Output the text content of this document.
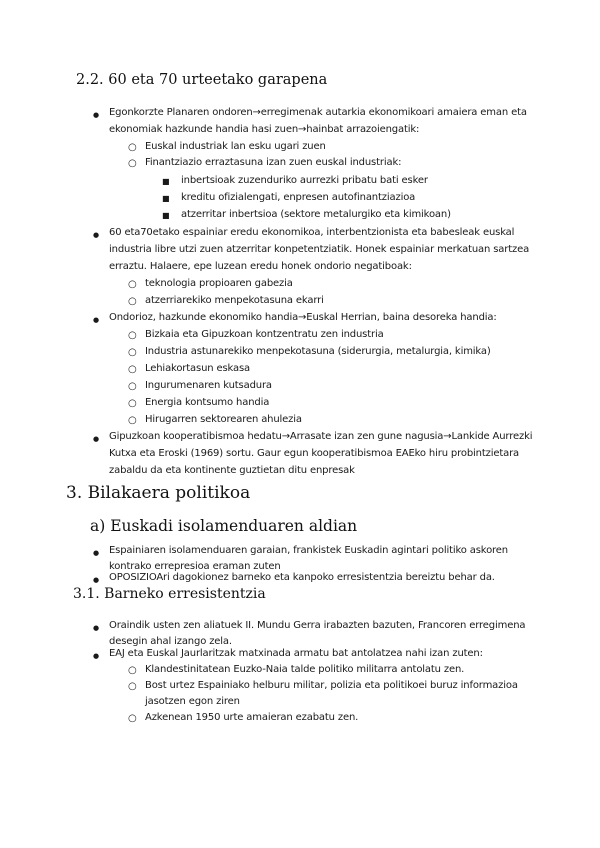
2.2. 60 eta 70 urteetako garapena
● Egonkorzte Planaren ondoren→erregimenak autarkia ekonomikoari amaiera eman eta
ekonomiak hazkunde handia hasi zuen→hainbat arrazoiengatik:
○ Euskal industriak lan esku ugari zuen
○ Finantziazio erraztasuna izan zuen euskal industriak:
■ inbertsioak zuzenduriko aurrezki pribatu bati esker
■ kreditu ofizialengati, enpresen autofinantziazioa
■ atzerritar inbertsioa (sektore metalurgiko eta kimikoan)
● 60 eta70etako espainiar eredu ekonomikoa, interbentzionista eta babesleak euskal
industria libre utzi zuen atzerritar konpetentziatik. Honek espainiar merkatuan sartzea
erraztu. Halaere, epe luzean eredu honek ondorio negatiboak:
○ teknologia propioaren gabezia
○ atzerriarekiko menpekotasuna ekarri
● Ondorioz, hazkunde ekonomiko handia→Euskal Herrian, baina desoreka handia:
○ Bizkaia eta Gipuzkoan kontzentratu zen industria
○ Industria astunarekiko menpekotasuna (siderurgia, metalurgia, kimika)
○ Lehiakortasun eskasa
○ Ingurumenaren kutsadura
○ Energia kontsumo handia
○ Hirugarren sektorearen ahulezia
● Gipuzkoan kooperatibismoa hedatu→Arrasate izan zen gune nagusia→Lankide Aurrezki
Kutxa eta Eroski (1969) sortu. Gaur egun kooperatibismoa EAEko hiru probintzietara
zabaldu da eta kontinente guztietan ditu enpresak
3. Bilakaera politikoa
a) Euskadi isolamenduaren aldian
● Espainiaren isolamenduaren garaian, frankistek Euskadin agintari politiko askoren
kontrako errepresioa eraman zuten
● OPOSIZIOAri dagokionez barneko eta kanpoko erresistentzia bereiztu behar da.
3.1. Barneko erresistentzia
● Oraindik usten zen aliatuek II. Mundu Gerra irabazten bazuten, Francoren erregimena
desegin ahal izango zela.
● EAJ eta Euskal Jaurlaritzak matxinada armatu bat antolatzea nahi izan zuten:
○ Klandestinitatean Euzko-Naia talde politiko militarra antolatu zen.
○ Bost urtez Espainiako helburu militar, polizia eta politikoei buruz informazioa
jasotzen egon ziren
○ Azkenean 1950 urte amaieran ezabatu zen.
